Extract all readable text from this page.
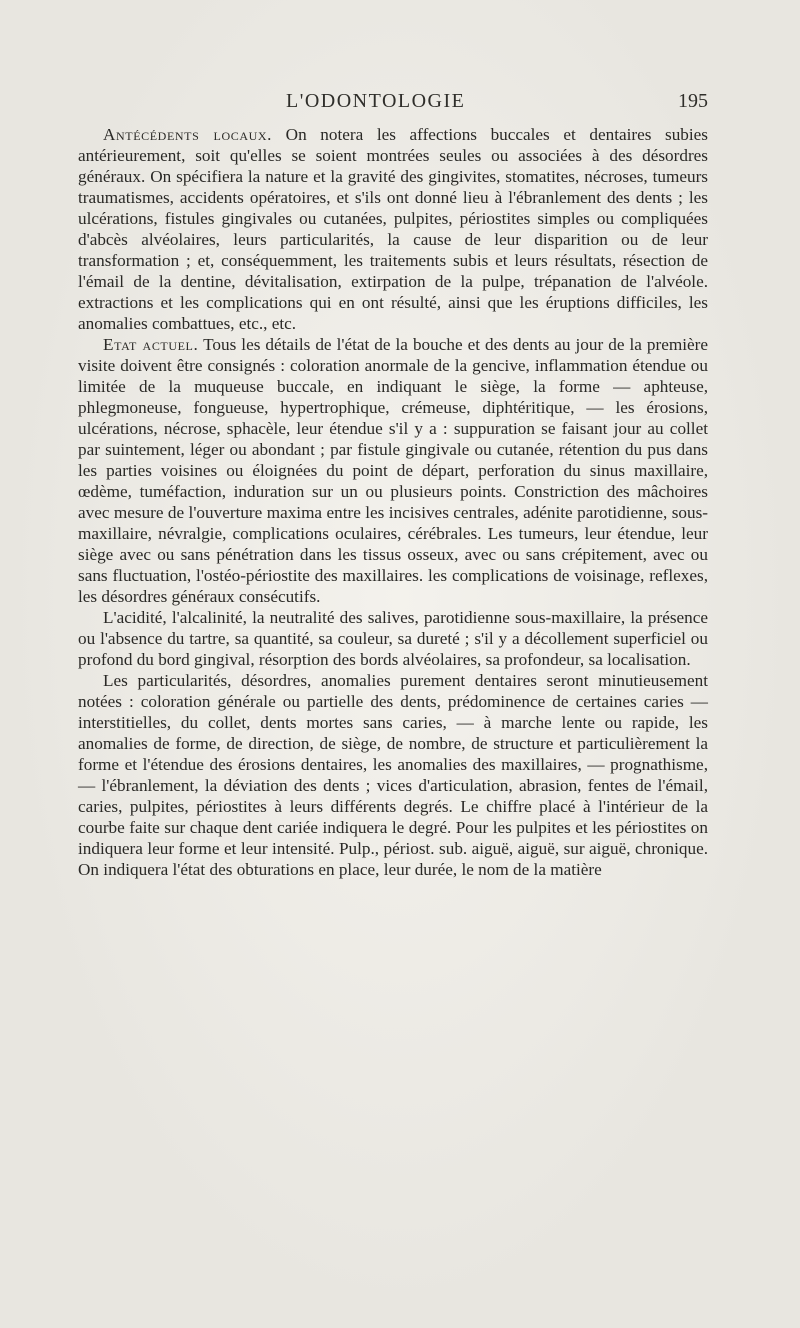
L'ODONTOLOGIE	195

Antécédents locaux. On notera les affections buccales et dentaires subies antérieurement, soit qu'elles se soient montrées seules ou associées à des désordres généraux. On spécifiera la nature et la gravité des gingivites, stomatites, nécroses, tumeurs traumatismes, accidents opératoires, et s'ils ont donné lieu à l'ébranlement des dents ; les ulcérations, fistules gingivales ou cutanées, pulpites, périostites simples ou compliquées d'abcès alvéolaires, leurs particularités, la cause de leur disparition ou de leur transformation ; et, conséquemment, les traitements subis et leurs résultats, résection de l'émail de la dentine, dévitalisation, extirpation de la pulpe, trépanation de l'alvéole. extractions et les complications qui en ont résulté, ainsi que les éruptions difficiles, les anomalies combattues, etc., etc.

Etat actuel. Tous les détails de l'état de la bouche et des dents au jour de la première visite doivent être consignés : coloration anormale de la gencive, inflammation étendue ou limitée de la muqueuse buccale, en indiquant le siège, la forme — aphteuse, phlegmoneuse, fongueuse, hypertrophique, crémeuse, diphtéritique, — les érosions, ulcérations, nécrose, sphacèle, leur étendue s'il y a : suppuration se faisant jour au collet par suintement, léger ou abondant ; par fistule gingivale ou cutanée, rétention du pus dans les parties voisines ou éloignées du point de départ, perforation du sinus maxillaire, œdème, tuméfaction, induration sur un ou plusieurs points. Constriction des mâchoires avec mesure de l'ouverture maxima entre les incisives centrales, adénite parotidienne, sous-maxillaire, névralgie, complications oculaires, cérébrales. Les tumeurs, leur étendue, leur siège avec ou sans pénétration dans les tissus osseux, avec ou sans crépitement, avec ou sans fluctuation, l'ostéo-périostite des maxillaires. les complications de voisinage, reflexes, les désordres généraux consécutifs.

L'acidité, l'alcalinité, la neutralité des salives, parotidienne sous-maxillaire, la présence ou l'absence du tartre, sa quantité, sa couleur, sa dureté ; s'il y a décollement superficiel ou profond du bord gingival, résorption des bords alvéolaires, sa profondeur, sa localisation.

Les particularités, désordres, anomalies purement dentaires seront minutieusement notées : coloration générale ou partielle des dents, prédominence de certaines caries — interstitielles, du collet, dents mortes sans caries, — à marche lente ou rapide, les anomalies de forme, de direction, de siège, de nombre, de structure et particulièrement la forme et l'étendue des érosions dentaires, les anomalies des maxillaires, — prognathisme, — l'ébranlement, la déviation des dents ; vices d'articulation, abrasion, fentes de l'émail, caries, pulpites, périostites à leurs différents degrés. Le chiffre placé à l'intérieur de la courbe faite sur chaque dent cariée indiquera le degré. Pour les pulpites et les périostites on indiquera leur forme et leur intensité. Pulp., périost. sub. aiguë, aiguë, sur aiguë, chronique. On indiquera l'état des obturations en place, leur durée, le nom de la matière
